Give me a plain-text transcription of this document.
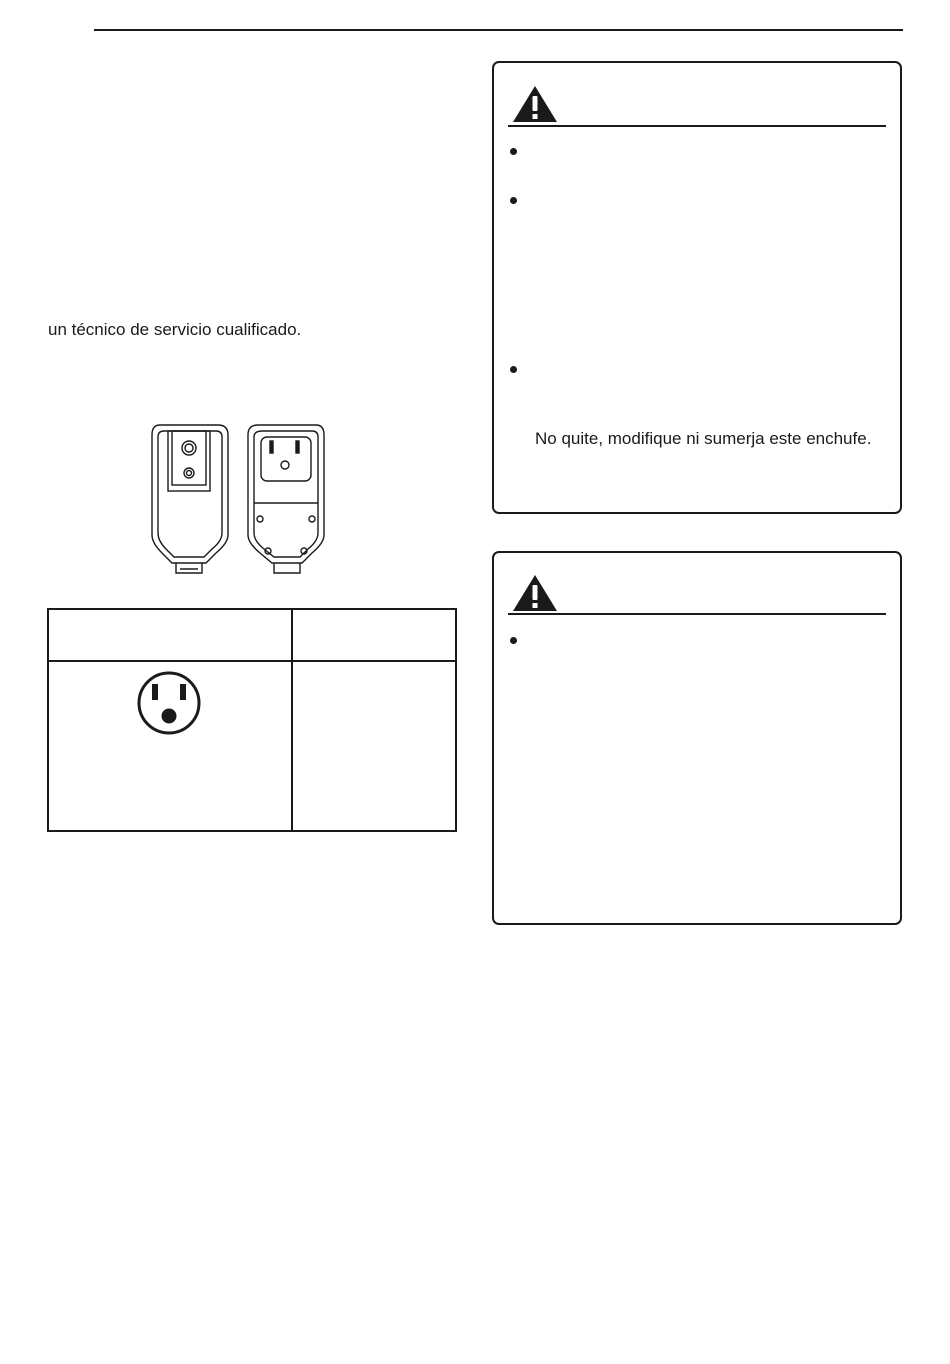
un técnico de servicio cualificado.
No quite, modifique ni sumerja este enchufe.
